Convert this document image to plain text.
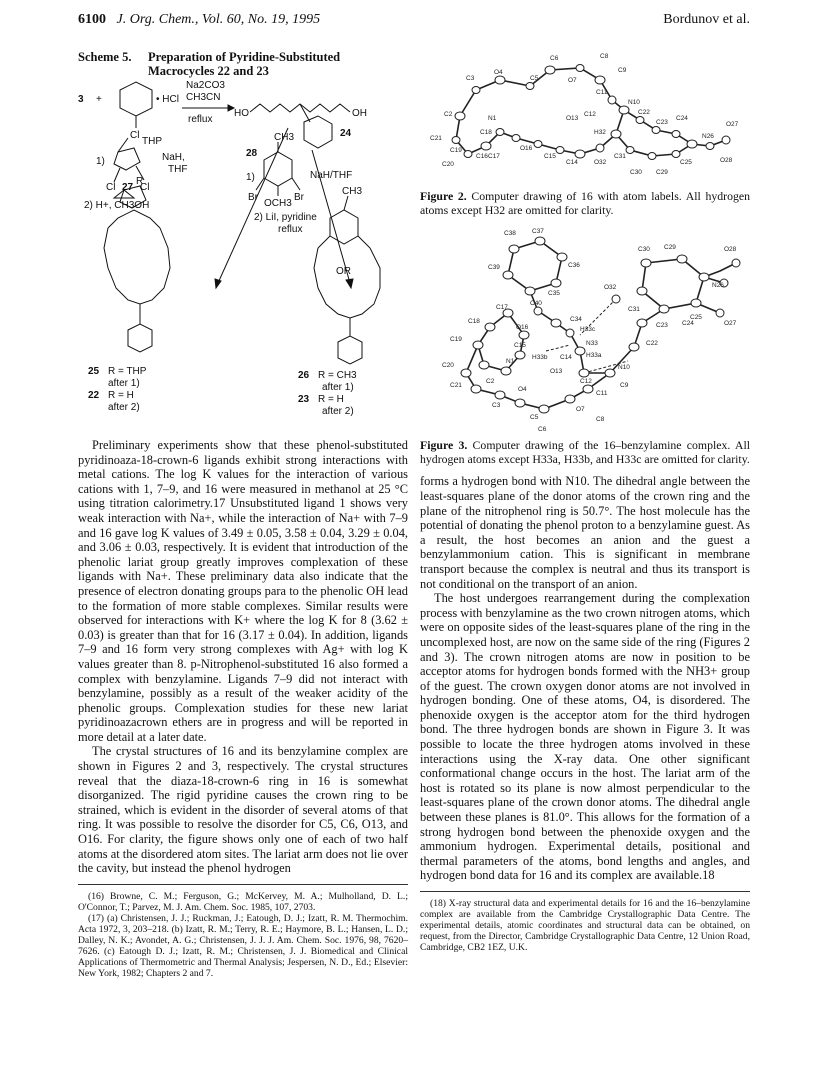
6100 J. Org. Chem., Vol. 60, No. 19, 1995	Bordunov et al.
Scheme 5. Preparation of Pyridine-Substituted
Macrocycles 22 and 23
3 +	• HCl
Cl
Na2CO3
CH3CN
reflux
HO	OH
24
THP
1)	NaH,
THF
Cl 27 Cl
2) H+, CH3OH
28
CH3
1)	NaH/THF
Br
OCH3
Br
2) LiI, pyridine
reflux
CH3
R
OR
25 R = THP
after 1)
22 R = H
after 2)
26 R = CH3
after 1)
23 R = H
after 2)

Preliminary experiments show that these phenol-substituted pyridinoaza-18-crown-6 ligands exhibit strong interactions with metal cations. The log K values for the interaction of various cations with 1, 7–9, and 16 were measured in methanol at 25 °C using titration calorimetry.17 Unsubstituted ligand 1 shows very weak interaction with Na+, while the interaction of Na+ with 7–9 and 16 gave log K values of 3.49 ± 0.05, 3.58 ± 0.04, 3.29 ± 0.04, and 3.06 ± 0.03, respectively. It is evident that introduction of the phenolic lariat group greatly improves complexation of these ligands with Na+. These preliminary data also indicate that the presence of electron donating groups para to the phenolic OH lead to the formation of more stable complexes. Similar results were observed for interactions with K+ where the log K for 8 (3.62 ± 0.03) is greater than that for 16 (3.17 ± 0.04). In addition, ligands 7–9 and 16 form very strong complexes with Ag+ with log K values greater than 8. p-Nitrophenol-substituted 16 also formed a complex with benzylamine. Ligands 7–9 did not interact with benzylamine, possibly as a result of the weaker acidity of the phenolic groups. Complexation studies for these new lariat pyridinoazacrown ethers are in progress and will be reported in more detail at a later date.

The crystal structures of 16 and its benzylamine complex are shown in Figures 2 and 3, respectively. The crystal structures reveal that the diaza-18-crown-6 ring in 16 is somewhat disorganized. The rigid pyridine causes the crown ring to be strained, which is evident in the disorder of several atoms of that ring. It was possible to resolve the disorder for C5, C6, O13, and O16. For clarity, the figure shows only one of each of two half atoms at the disordered atom sites. The lariat arm does not lie over the cavity, but instead the phenol hydrogen

(16) Browne, C. M.; Ferguson, G.; McKervey, M. A.; Mulholland, D. L.; O'Connor, T.; Parvez, M. J. Am. Chem. Soc. 1985, 107, 2703.

(17) (a) Christensen, J. J.; Ruckman, J.; Eatough, D. J.; Izatt, R. M. Thermochim. Acta 1972, 3, 203–218. (b) Izatt, R. M.; Terry, R. E.; Haymore, B. L.; Hansen, L. D.; Dalley, N. K.; Avondet, A. G.; Christensen, J. J. J. Am. Chem. Soc. 1976, 98, 7620–7626. (c) Eatough D. J.; Izatt, R. M.; Christensen, J. J. Biomedical and Clinical Applications of Thermometric and Thermal Analysis; Jespersen, N. D., Ed.; Elsevier: New York, 1982; Chapters 2 and 7.

C6	C8
C9
C3
O4
C5	O7
C11
N10
C22
C2
N1	O13
C12
C23
C24
O27
C21
C18
C16 C17
O16
H32
N26
C19
C20
C15
C14 O32
C31
C25
C30 C29
O28

Figure 2. Computer drawing of 16 with atom labels. All hydrogen atoms except H32 are omitted for clarity.

C38 C37
C30 C29	O28
C39	C36
C35
O32	N26
C40
C25
C34
C17	C31
C18
O16	H33c
C23 C24	O27
C19
C15	N33
H33a
C14
C22
H33b
C20
N1
O13
N10
C21
C2	C12
C9
O4
C11
C3
O7
C5	C8
C6

Figure 3. Computer drawing of the 16–benzylamine complex. All hydrogen atoms except H33a, H33b, and H33c are omitted for clarity.

forms a hydrogen bond with N10. The dihedral angle between the least-squares plane of the donor atoms of the crown ring and the plane of the nitrophenol ring is 50.7°. The host molecule has the potential of donating the phenol proton to a benzylamine guest. As a result, the host becomes an anion and the guest a benzylammonium cation. This is significant in membrane transport because the complex is neutral and thus its transport is not conditional on the transport of an anion.

The host undergoes rearrangement during the complexation process with benzylamine as the two crown nitrogen atoms, which were on opposite sides of the least-squares plane of the ring in the uncomplexed host, are now on the same side of the ring (Figures 2 and 3). The crown nitrogen atoms are now in position to be acceptor atoms for hydrogen bonds formed with the NH3+ group of the guest. The crown oxygen donor atoms are not involved in hydrogen bonding. One of these atoms, O4, is disordered. The phenoxide oxygen is the acceptor atom for the third hydrogen bond. The three hydrogen bonds are shown in Figure 3. It was possible to locate the three hydrogen atoms involved in these interactions using the X-ray data. One other significant conformational change occurs in the host. The lariat arm of the host is rotated so its plane is now almost perpendicular to the least-squares plane of the crown donor atoms. The dihedral angle between these planes is 81.0°. This allows for the formation of a strong hydrogen bond between the phenoxide oxygen and the ammonium hydrogen. Experimental details, positional and thermal parameters of the atoms, bond lengths and angles, and hydrogen bond data for 16 and its complex are available.18

(18) X-ray structural data and experimental details for 16 and the 16–benzylamine complex are available from the Cambridge Crystallographic Data Centre. The experimental details, atomic coordinates and structural data can be obtained, on request, from the Director, Cambridge Crystallographic Data Centre, 12 Union Road, Cambridge, CB2 1EZ, U.K.
